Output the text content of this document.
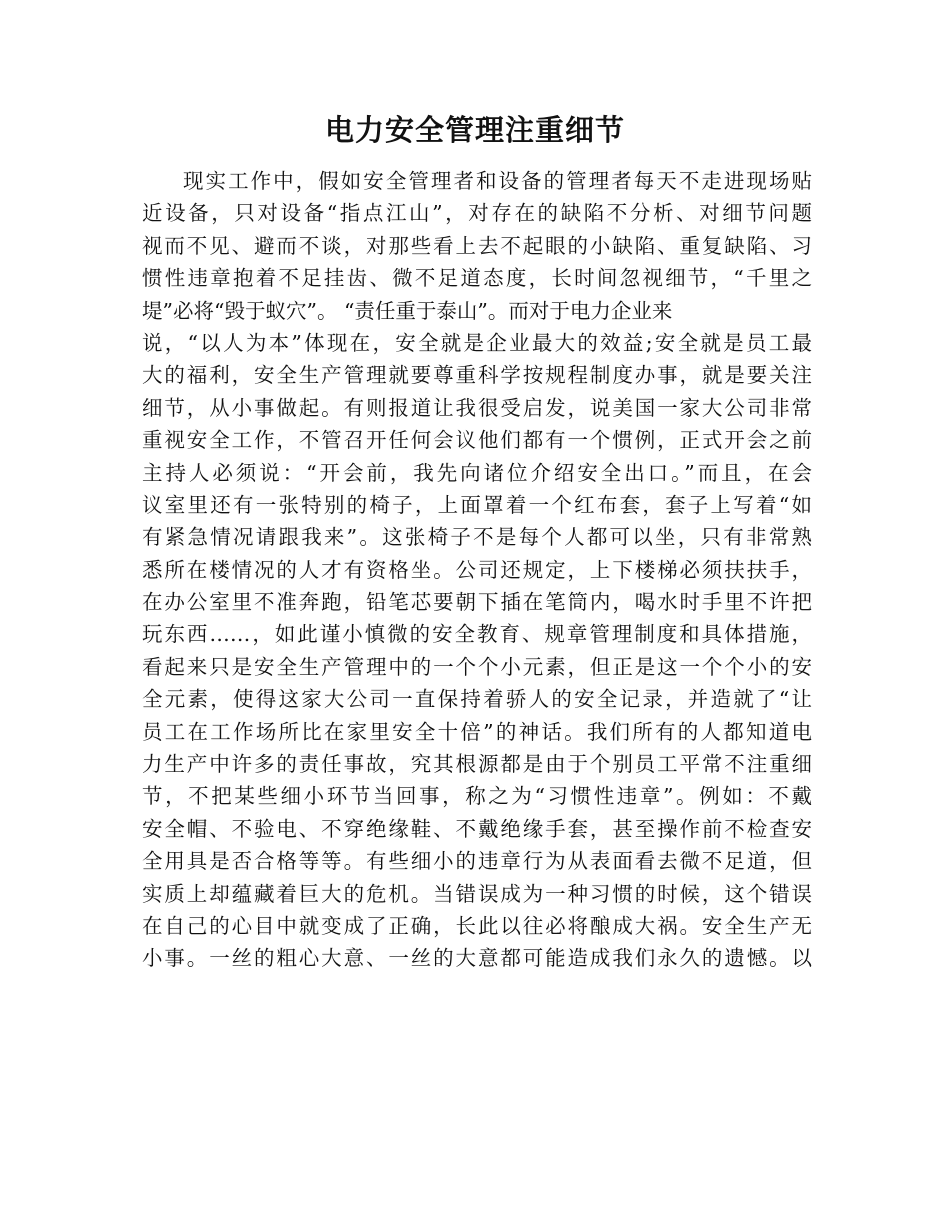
电力安全管理注重细节
现实工作中，假如安全管理者和设备的管理者每天不走进现场贴
近设备，只对设备“指点江山”，对存在的缺陷不分析、对细节问题
视而不见、避而不谈，对那些看上去不起眼的小缺陷、重复缺陷、习
惯性违章抱着不足挂齿、微不足道态度，长时间忽视细节，“千里之
堤”必将“毁于蚁穴”。 “责任重于泰山”。而对于电力企业来
说，“以人为本”体现在，安全就是企业最大的效益;安全就是员工最
大的福利，安全生产管理就要尊重科学按规程制度办事，就是要关注
细节，从小事做起。有则报道让我很受启发，说美国一家大公司非常
重视安全工作，不管召开任何会议他们都有一个惯例，正式开会之前
主持人必须说：“开会前，我先向诸位介绍安全出口。”而且，在会
议室里还有一张特别的椅子，上面罩着一个红布套，套子上写着“如
有紧急情况请跟我来”。这张椅子不是每个人都可以坐，只有非常熟
悉所在楼情况的人才有资格坐。公司还规定，上下楼梯必须扶扶手，
在办公室里不准奔跑，铅笔芯要朝下插在笔筒内，喝水时手里不许把
玩东西……，如此谨小慎微的安全教育、规章管理制度和具体措施，
看起来只是安全生产管理中的一个个小元素，但正是这一个个小的安
全元素，使得这家大公司一直保持着骄人的安全记录，并造就了“让
员工在工作场所比在家里安全十倍”的神话。我们所有的人都知道电
力生产中许多的责任事故，究其根源都是由于个别员工平常不注重细
节，不把某些细小环节当回事，称之为“习惯性违章”。例如：不戴
安全帽、不验电、不穿绝缘鞋、不戴绝缘手套，甚至操作前不检查安
全用具是否合格等等。有些细小的违章行为从表面看去微不足道，但
实质上却蕴藏着巨大的危机。当错误成为一种习惯的时候，这个错误
在自己的心目中就变成了正确，长此以往必将酿成大祸。安全生产无
小事。一丝的粗心大意、一丝的大意都可能造成我们永久的遗憾。以
